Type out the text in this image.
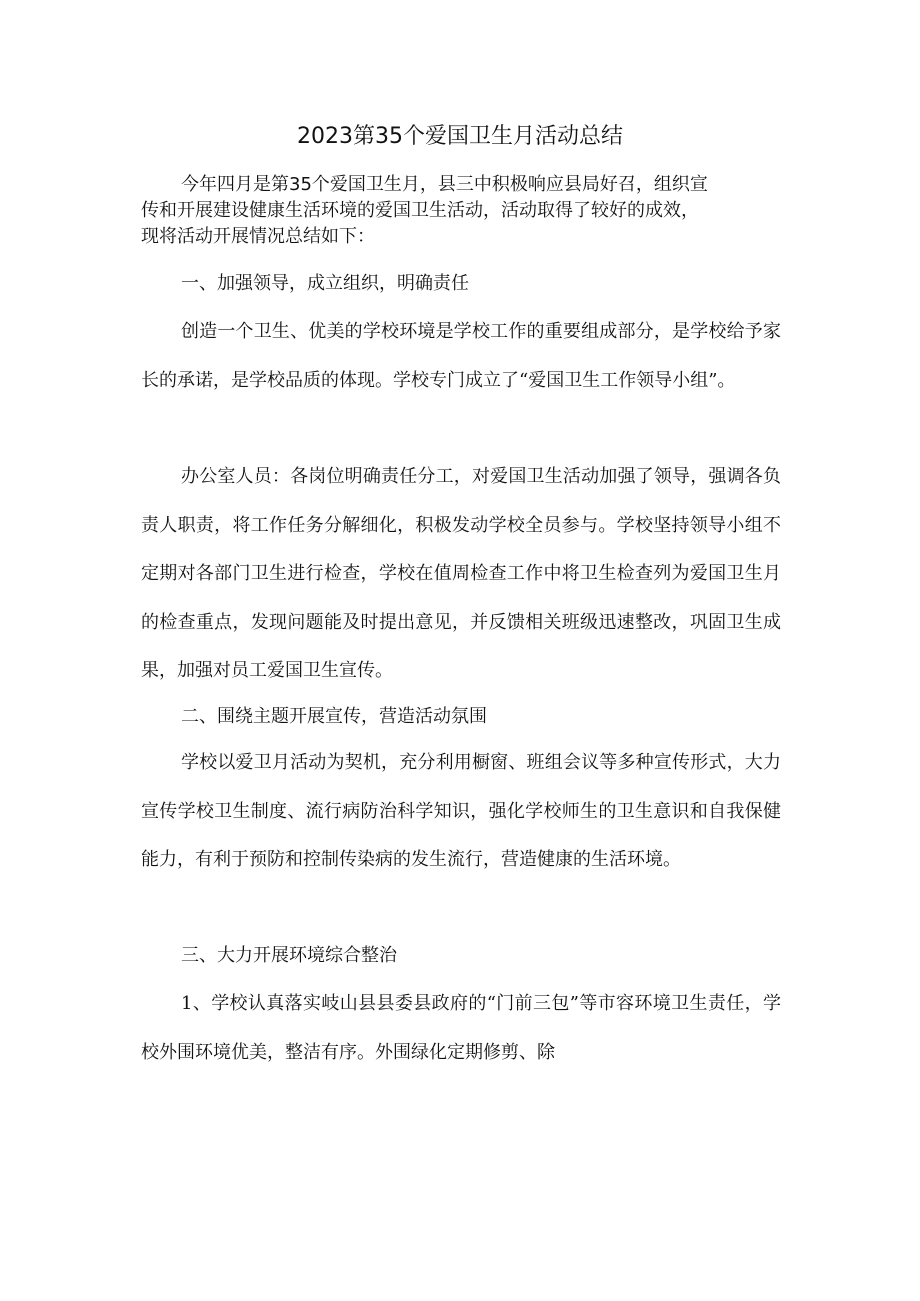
2023第35个爱国卫生月活动总结
今年四月是第35个爱国卫生月，县三中积极响应县局好召，组织宣
传和开展建设健康生活环境的爱国卫生活动，活动取得了较好的成效，
现将活动开展情况总结如下：
一、加强领导，成立组织，明确责任
创造一个卫生、优美的学校环境是学校工作的重要组成部分，是学校给予家长的承诺，是学校品质的体现。学校专门成立了“爱国卫生工作领导小组”。
办公室人员：各岗位明确责任分工，对爱国卫生活动加强了领导，强调各负责人职责，将工作任务分解细化，积极发动学校全员参与。学校坚持领导小组不定期对各部门卫生进行检查，学校在值周检查工作中将卫生检查列为爱国卫生月的检查重点，发现问题能及时提出意见，并反馈相关班级迅速整改，巩固卫生成果，加强对员工爱国卫生宣传。
二、围绕主题开展宣传，营造活动氛围
学校以爱卫月活动为契机，充分利用橱窗、班组会议等多种宣传形式，大力宣传学校卫生制度、流行病防治科学知识，强化学校师生的卫生意识和自我保健能力，有利于预防和控制传染病的发生流行，营造健康的生活环境。
三、大力开展环境综合整治
1、学校认真落实岐山县县委县政府的“门前三包”等市容环境卫生责任，学校外围环境优美，整洁有序。外围绿化定期修剪、除
